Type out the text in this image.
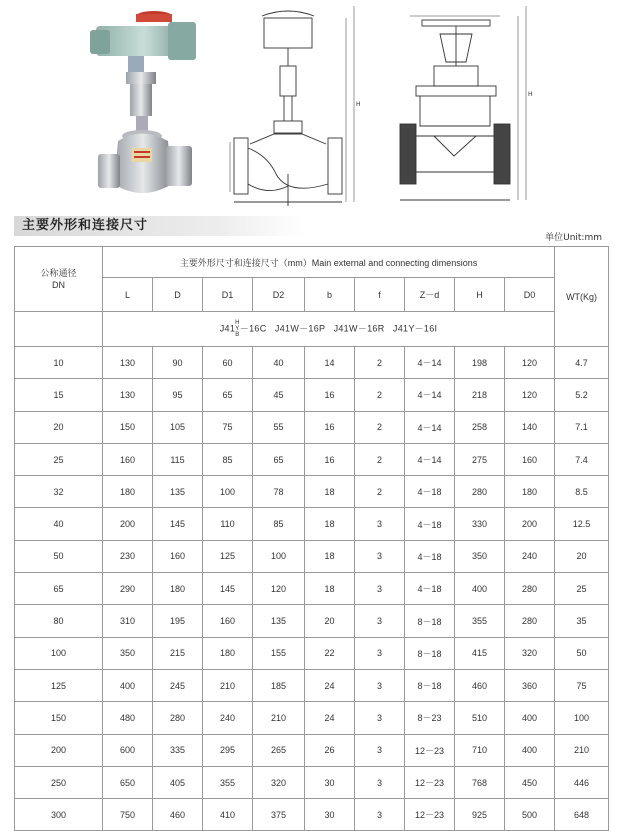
H
H
主要外形和连接尺寸
单位Unit:mm
公称通径
DN	主要外形尺寸和连接尺寸（mm）Main external and connecting dimensions									WT(Kg)
	L	D	D1	D2	b	f	Z－d	H	D0	
	J41H
Y
B－16C J41W－16P J41W－16R J41Y－16I									
10	130	90	60	40	14	2	4－14	198	120	4.7
15	130	95	65	45	16	2	4－14	218	120	5.2
20	150	105	75	55	16	2	4－14	258	140	7.1
25	160	115	85	65	16	2	4－14	275	160	7.4
32	180	135	100	78	18	2	4－18	280	180	8.5
40	200	145	110	85	18	3	4－18	330	200	12.5
50	230	160	125	100	18	3	4－18	350	240	20
65	290	180	145	120	18	3	4－18	400	280	25
80	310	195	160	135	20	3	8－18	355	280	35
100	350	215	180	155	22	3	8－18	415	320	50
125	400	245	210	185	24	3	8－18	460	360	75
150	480	280	240	210	24	3	8－23	510	400	100
200	600	335	295	265	26	3	12－23	710	400	210
250	650	405	355	320	30	3	12－23	768	450	446
300	750	460	410	375	30	3	12－23	925	500	648
